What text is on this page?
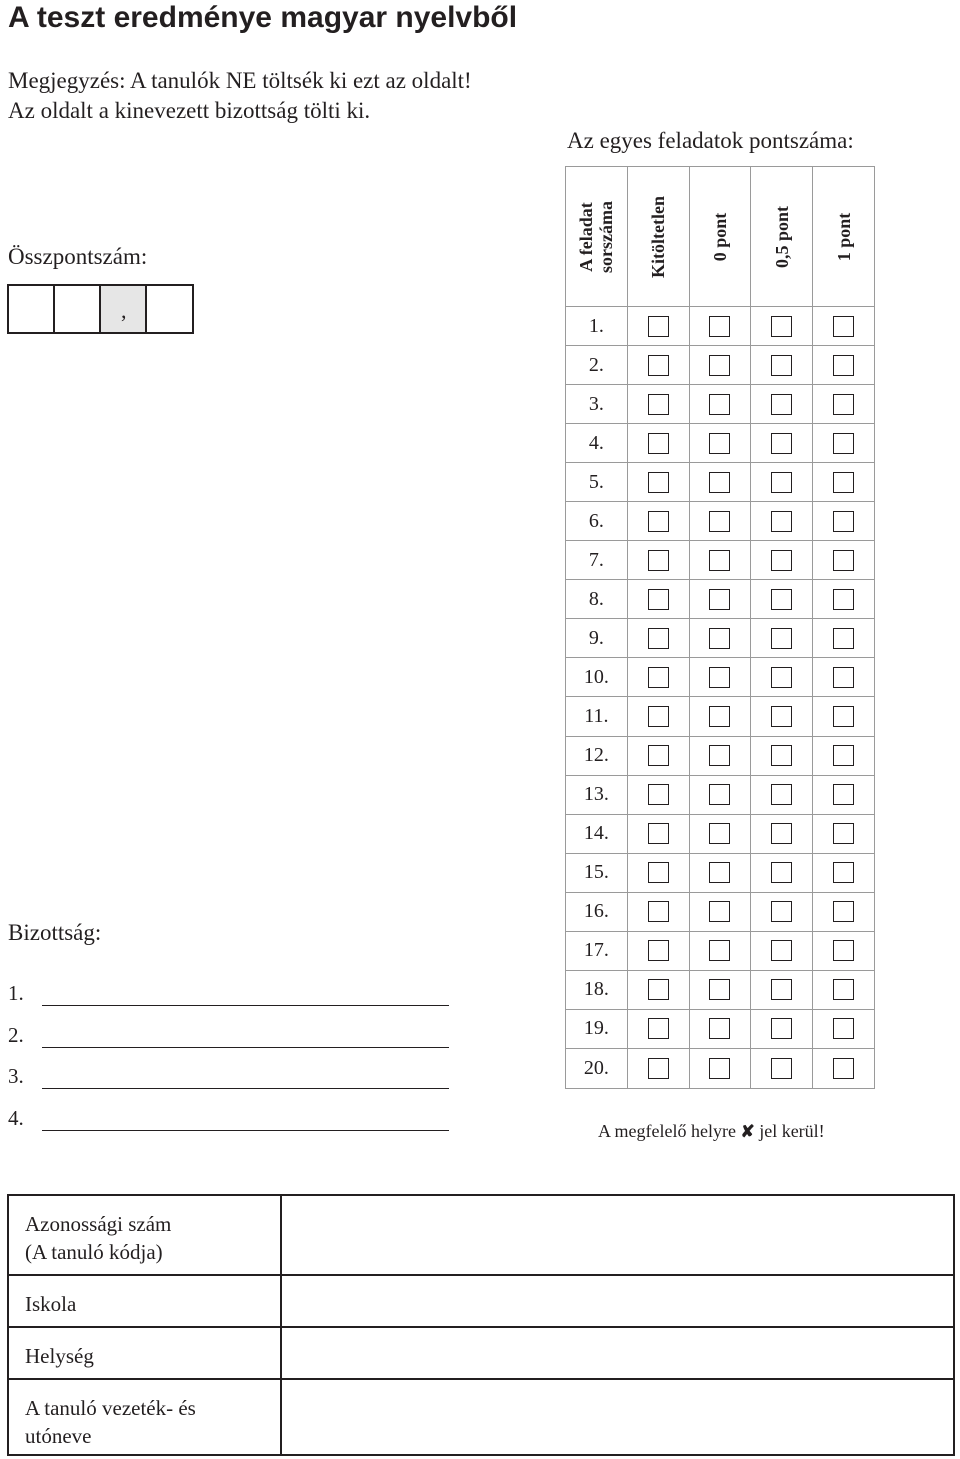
A teszt eredménye magyar nyelvből
Megjegyzés: A tanulók NE töltsék ki ezt az oldalt!
Az oldalt a kinevezett bizottság tölti ki.
Az egyes feladatok pontszáma:
Összpontszám:
,
A feladat sorszáma Kitöltetlen 0 pont 0,5 pont 1 pont
1.
2.
3.
4.
5.
6.
7.
8.
9.
10.
11.
12.
13.
14.
15.
16.
17.
18.
19.
20.
A megfelelő helyre ✘ jel kerül!
Bizottság:
1.
2.
3.
4.
Azonossági szám
(A tanuló kódja)
Iskola
Helység
A tanuló vezeték- és
utóneve
